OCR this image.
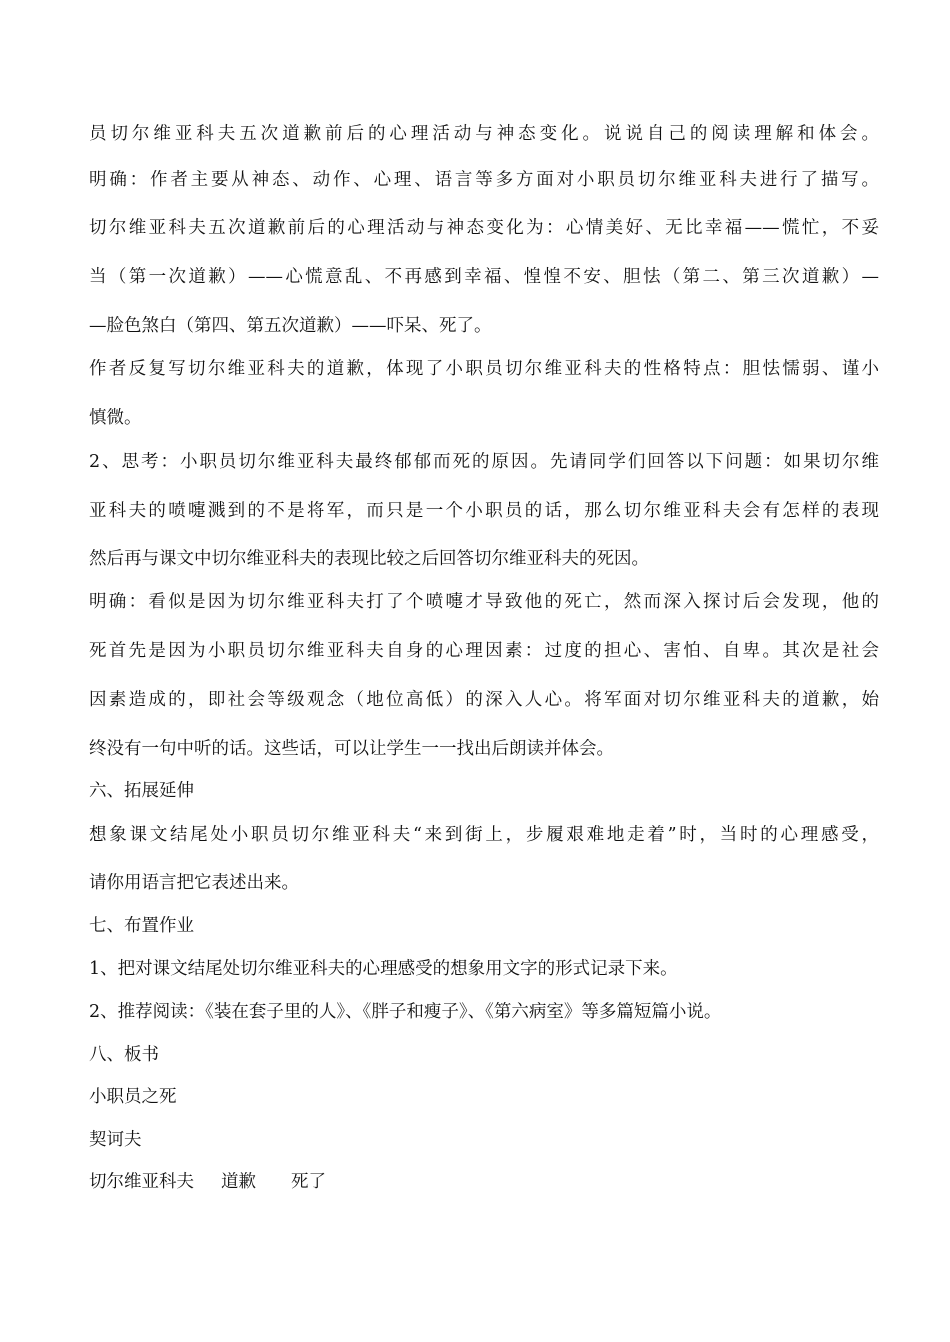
员切尔维亚科夫五次道歉前后的心理活动与神态变化。说说自己的阅读理解和体会。
明确：作者主要从神态、动作、心理、语言等多方面对小职员切尔维亚科夫进行了描写。
切尔维亚科夫五次道歉前后的心理活动与神态变化为：心情美好、无比幸福——慌忙，不妥
当（第一次道歉）——心慌意乱、不再感到幸福、惶惶不安、胆怯（第二、第三次道歉）—
—脸色煞白（第四、第五次道歉）——吓呆、死了。
作者反复写切尔维亚科夫的道歉，体现了小职员切尔维亚科夫的性格特点：胆怯懦弱、谨小
慎微。
2、思考：小职员切尔维亚科夫最终郁郁而死的原因。先请同学们回答以下问题：如果切尔维
亚科夫的喷嚏溅到的不是将军，而只是一个小职员的话，那么切尔维亚科夫会有怎样的表现
然后再与课文中切尔维亚科夫的表现比较之后回答切尔维亚科夫的死因。
明确：看似是因为切尔维亚科夫打了个喷嚏才导致他的死亡，然而深入探讨后会发现，他的
死首先是因为小职员切尔维亚科夫自身的心理因素：过度的担心、害怕、自卑。其次是社会
因素造成的，即社会等级观念（地位高低）的深入人心。将军面对切尔维亚科夫的道歉，始
终没有一句中听的话。这些话，可以让学生一一找出后朗读并体会。
六、拓展延伸
想象课文结尾处小职员切尔维亚科夫“来到街上，步履艰难地走着”时，当时的心理感受，
请你用语言把它表述出来。
七、布置作业
1、把对课文结尾处切尔维亚科夫的心理感受的想象用文字的形式记录下来。
2、推荐阅读：《装在套子里的人》、《胖子和瘦子》、《第六病室》等多篇短篇小说。
八、板书
小职员之死
契诃夫
切尔维亚科夫 道歉 死了
